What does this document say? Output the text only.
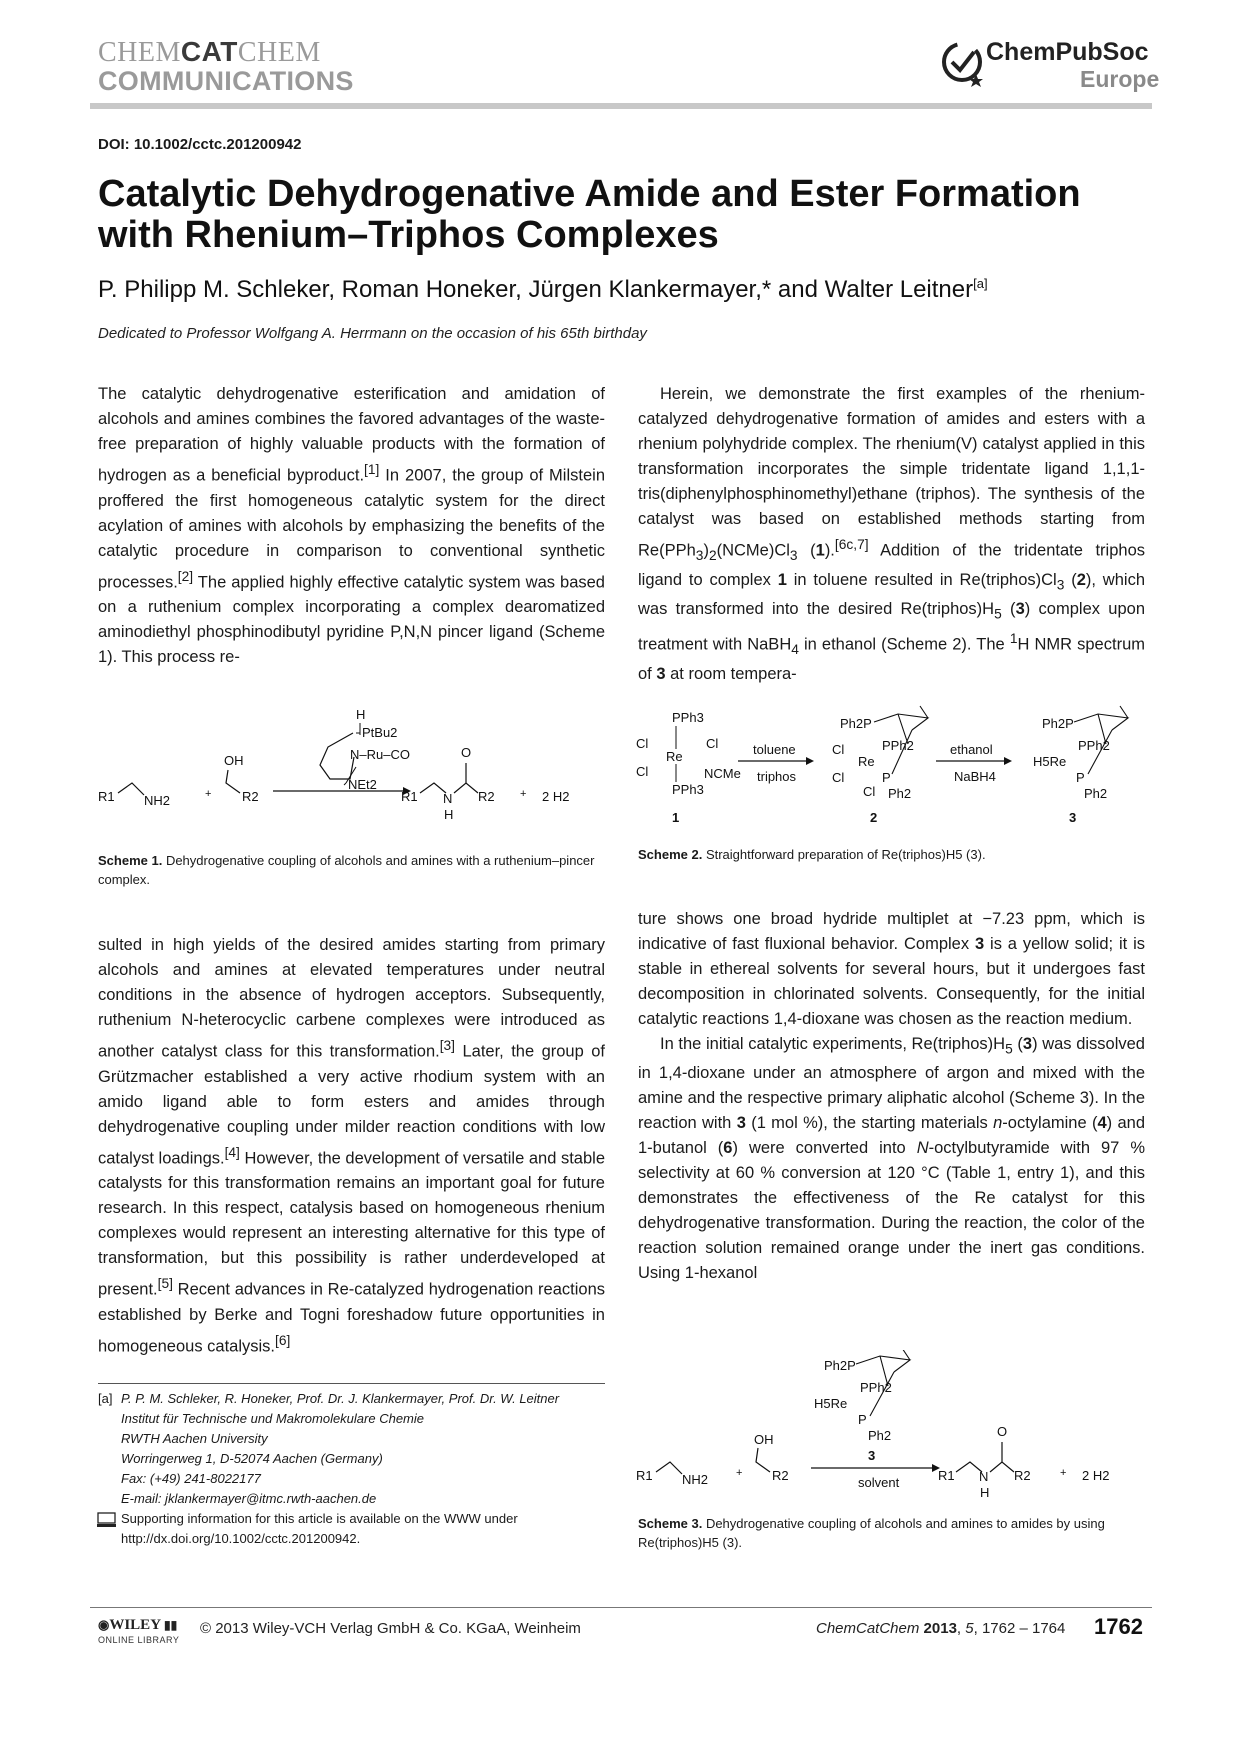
CHEMCATCHEM
COMMUNICATIONS
ChemPubSoc
Europe
DOI: 10.1002/cctc.201200942
Catalytic Dehydrogenative Amide and Ester Formation with Rhenium–Triphos Complexes
P. Philipp M. Schleker, Roman Honeker, Jürgen Klankermayer,* and Walter Leitner[a]
Dedicated to Professor Wolfgang A. Herrmann on the occasion of his 65th birthday

The catalytic dehydrogenative esterification and amidation of alcohols and amines combines the favored advantages of the waste-free preparation of highly valuable products with the formation of hydrogen as a beneficial byproduct.[1] In 2007, the group of Milstein proffered the first homogeneous catalytic system for the direct acylation of amines with alcohols by emphasizing the benefits of the catalytic procedure in comparison to conventional synthetic processes.[2] The applied highly effective catalytic system was based on a ruthenium complex incorporating a complex dearomatized aminodiethyl phosphinodibutyl pyridine P,N,N pincer ligand (Scheme 1). This process re-

Herein, we demonstrate the first examples of the rhenium-catalyzed dehydrogenative formation of amides and esters with a rhenium polyhydride complex. The rhenium(V) catalyst applied in this transformation incorporates the simple tridentate ligand 1,1,1-tris(diphenylphosphinomethyl)ethane (triphos). The synthesis of the catalyst was based on established methods starting from $Re(PPh_3)_2(NCMe)Cl_3$ (1).[6c,7] Addition of the tridentate triphos ligand to complex 1 in toluene resulted in $Re(triphos)Cl_3$ (2), which was transformed into the desired $Re(triphos)H_5$ (3) complex upon treatment with NaBH$_4$ in ethanol (Scheme 2). The $^1$H NMR spectrum of 3 at room tempera-

H
PtBu2
N–Ru–CO
NEt2
OH
R2
R1 NH2	+	R1 N
H
O
R2 + 2 H2
Scheme 1. Dehydrogenative coupling of alcohols and amines with a ruthenium–pincer complex.
PPh3
Cl	Cl
Re
Cl	NCMe
PPh3
toluene
triphos
Ph2P
Cl	PPh2
Re
Cl	P
Cl Ph2
ethanol
NaBH4
Ph2P
PPh2
H5Re
P
Ph2
1	2	3
Scheme 2. Straightforward preparation of Re(triphos)H5 (3).

sulted in high yields of the desired amides starting from primary alcohols and amines at elevated temperatures under neutral conditions in the absence of hydrogen acceptors. Subsequently, ruthenium N-heterocyclic carbene complexes were introduced as another catalyst class for this transformation.[3] Later, the group of Grützmacher established a very active rhodium system with an amido ligand able to form esters and amides through dehydrogenative coupling under milder reaction conditions with low catalyst loadings.[4] However, the development of versatile and stable catalysts for this transformation remains an important goal for future research. In this respect, catalysis based on homogeneous rhenium complexes would represent an interesting alternative for this type of transformation, but this possibility is rather underdeveloped at present.[5] Recent advances in Re-catalyzed hydrogenation reactions established by Berke and Togni foreshadow future opportunities in homogeneous catalysis.[6]

ture shows one broad hydride multiplet at −7.23 ppm, which is indicative of fast fluxional behavior. Complex 3 is a yellow solid; it is stable in ethereal solvents for several hours, but it undergoes fast decomposition in chlorinated solvents. Consequently, for the initial catalytic reactions 1,4-dioxane was chosen as the reaction medium.

In the initial catalytic experiments, $Re(triphos)H_5$ (3) was dissolved in 1,4-dioxane under an atmosphere of argon and mixed with the amine and the respective primary aliphatic alcohol (Scheme 3). In the reaction with 3 (1 mol %), the starting materials n-octylamine (4) and 1-butanol (6) were converted into N-octylbutyramide with 97 % selectivity at 60 % conversion at 120 °C (Table 1, entry 1), and this demonstrates the effectiveness of the Re catalyst for this dehydrogenative transformation. During the reaction, the color of the reaction solution remained orange under the inert gas conditions. Using 1-hexanol

[a] P. P. M. Schleker, R. Honeker, Prof. Dr. J. Klankermayer, Prof. Dr. W. Leitner
Institut für Technische und Makromolekulare Chemie
RWTH Aachen University
Worringerweg 1, D-52074 Aachen (Germany)
Fax: (+49) 241-8022177
E-mail: jklankermayer@itmc.rwth-aachen.de
Supporting information for this article is available on the WWW under
http://dx.doi.org/10.1002/cctc.201200942.
Ph2P
PPh2
H5Re
P
Ph2
OH
R2
R1 NH2	+
3
solvent	R1 N
H
O
R2	+ 2 H2
Scheme 3. Dehydrogenative coupling of alcohols and amines to amides by using Re(triphos)H5 (3).
◉WILEY ▮▮
ONLINE LIBRARY
© 2013 Wiley-VCH Verlag GmbH & Co. KGaA, Weinheim	ChemCatChem 2013, 5, 1762 – 1764 1762
